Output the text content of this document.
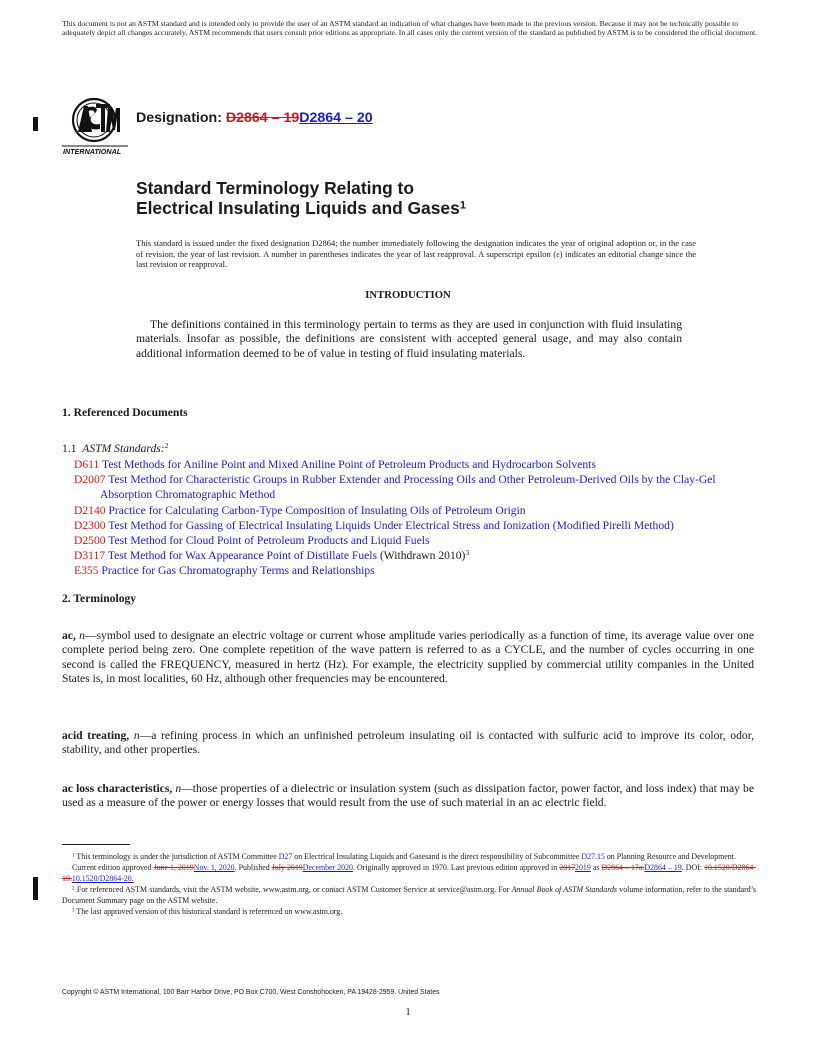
This document is not an ASTM standard and is intended only to provide the user of an ASTM standard an indication of what changes have been made to the previous version. Because it may not be technically possible to adequately depict all changes accurately, ASTM recommends that users consult prior editions as appropriate. In all cases only the current version of the standard as published by ASTM is to be considered the official document.
INTERNATIONAL
Designation: D2864 – 19D2864 – 20
Standard Terminology Relating to
Electrical Insulating Liquids and Gases$^1$
This standard is issued under the fixed designation D2864; the number immediately following the designation indicates the year of original adoption or, in the case of revision, the year of last revision. A number in parentheses indicates the year of last reapproval. A superscript epsilon (ε) indicates an editorial change since the last revision or reapproval.
INTRODUCTION
The definitions contained in this terminology pertain to terms as they are used in conjunction with fluid insulating materials. Insofar as possible, the definitions are consistent with accepted general usage, and may also contain additional information deemed to be of value in testing of fluid insulating materials.
1. Referenced Documents
1.1 ASTM Standards:$^2$
D611 Test Methods for Aniline Point and Mixed Aniline Point of Petroleum Products and Hydrocarbon Solvents
D2007 Test Method for Characteristic Groups in Rubber Extender and Processing Oils and Other Petroleum-Derived Oils by the Clay-Gel Absorption Chromatographic Method
D2140 Practice for Calculating Carbon-Type Composition of Insulating Oils of Petroleum Origin
D2300 Test Method for Gassing of Electrical Insulating Liquids Under Electrical Stress and Ionization (Modified Pirelli Method)
D2500 Test Method for Cloud Point of Petroleum Products and Liquid Fuels
D3117 Test Method for Wax Appearance Point of Distillate Fuels (Withdrawn 2010)$^3$
E355 Practice for Gas Chromatography Terms and Relationships
2. Terminology
ac, n—symbol used to designate an electric voltage or current whose amplitude varies periodically as a function of time, its average value over one complete period being zero. One complete repetition of the wave pattern is referred to as a CYCLE, and the number of cycles occurring in one second is called the FREQUENCY, measured in hertz (Hz). For example, the electricity supplied by commercial utility companies in the United States is, in most localities, 60 Hz, although other frequencies may be encountered.
acid treating, n—a refining process in which an unfinished petroleum insulating oil is contacted with sulfuric acid to improve its color, odor, stability, and other properties.
ac loss characteristics, n—those properties of a dielectric or insulation system (such as dissipation factor, power factor, and loss index) that may be used as a measure of the power or energy losses that would result from the use of such material in an ac electric field.
$^1$ This terminology is under the jurisdiction of ASTM Committee D27 on Electrical Insulating Liquids and Gasesand is the direct responsibility of Subcommittee D27.15 on Planning Resource and Development.
Current edition approved June 1, 2019Nov. 1, 2020. Published July 2019December 2020. Originally approved in 1970. Last previous edition approved in 20172019 as D2864 – 17a.D2864 – 19. DOI: 10.1520/D2864-19.10.1520/D2864-20.
$^2$ For referenced ASTM standards, visit the ASTM website, www.astm.org, or contact ASTM Customer Service at service@astm.org. For Annual Book of ASTM Standards volume information, refer to the standard’s Document Summary page on the ASTM website.
$^3$ The last approved version of this historical standard is referenced on www.astm.org.
Copyright © ASTM International, 100 Barr Harbor Drive, PO Box C700, West Conshohocken, PA 19428-2959. United States
1
